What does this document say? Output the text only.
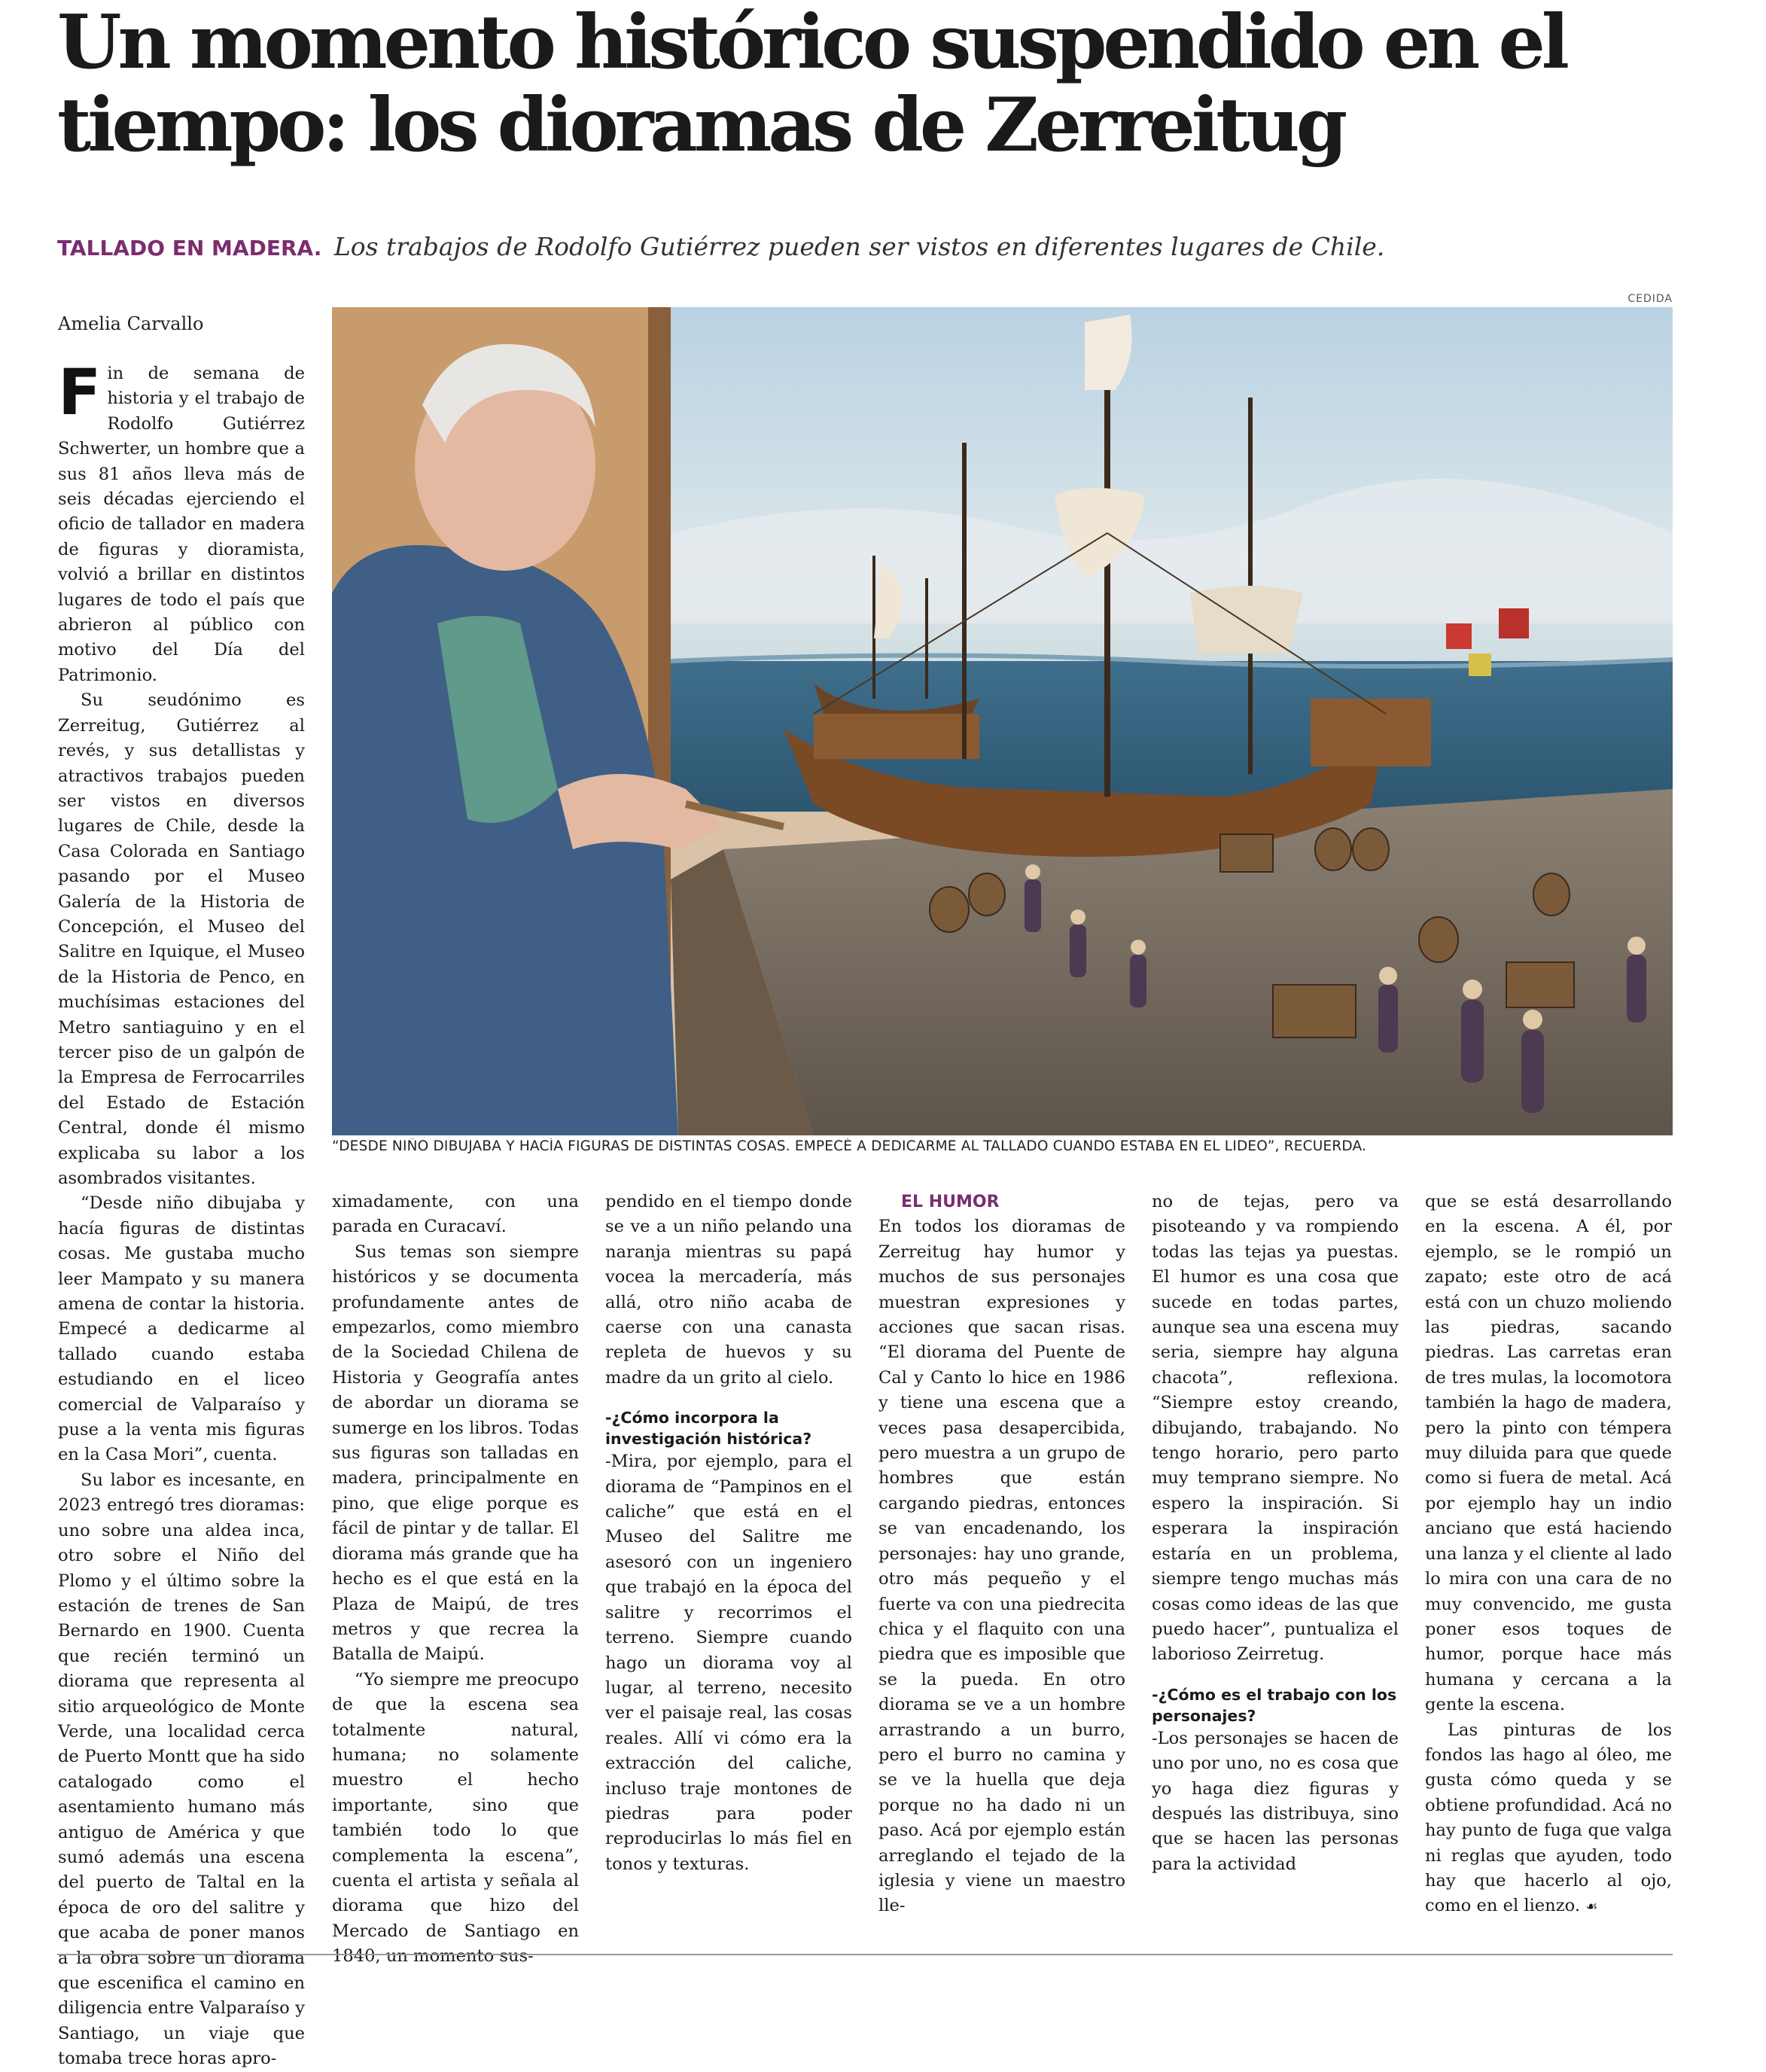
Un momento histórico suspendido en el tiempo: los dioramas de Zerreitug
TALLADO EN MADERA. Los trabajos de Rodolfo Gutiérrez pueden ser vistos en diferentes lugares de Chile.
CEDIDA
Amelia Carvallo
“DESDE NIÑO DIBUJABA Y HACÍA FIGURAS DE DISTINTAS COSAS. EMPECÉ A DEDICARME AL TALLADO CUANDO ESTABA EN EL LIDEO”, RECUERDA.

Fin de semana de historia y el trabajo de Rodolfo Gutiérrez Schwerter, un hombre que a sus 81 años lleva más de seis décadas ejerciendo el oficio de tallador en madera de figuras y dioramista, volvió a brillar en distintos lugares de todo el país que abrieron al público con motivo del Día del Patrimonio.

Su seudónimo es Zerreitug, Gutiérrez al revés, y sus detallistas y atractivos trabajos pueden ser vistos en diversos lugares de Chile, desde la Casa Colorada en Santiago pasando por el Museo Galería de la Historia de Concepción, el Museo del Salitre en Iquique, el Museo de la Historia de Penco, en muchísimas estaciones del Metro santiaguino y en el tercer piso de un galpón de la Empresa de Ferrocarriles del Estado de Estación Central, donde él mismo explicaba su labor a los asombrados visitantes.

“Desde niño dibujaba y hacía figuras de distintas cosas. Me gustaba mucho leer Mampato y su manera amena de contar la historia. Empecé a dedicarme al tallado cuando estaba estudiando en el liceo comercial de Valparaíso y puse a la venta mis figuras en la Casa Mori”, cuenta.

Su labor es incesante, en 2023 entregó tres dioramas: uno sobre una aldea inca, otro sobre el Niño del Plomo y el último sobre la estación de trenes de San Bernardo en 1900. Cuenta que recién terminó un diorama que representa al sitio arqueológico de Monte Verde, una localidad cerca de Puerto Montt que ha sido catalogado como el asentamiento humano más antiguo de América y que sumó además una escena del puerto de Taltal en la época de oro del salitre y que acaba de poner manos a la obra sobre un diorama que escenifica el camino en diligencia entre Valparaíso y Santiago, un viaje que tomaba trece horas apro-

ximadamente, con una parada en Curacaví.

Sus temas son siempre históricos y se documenta profundamente antes de empezarlos, como miembro de la Sociedad Chilena de Historia y Geografía antes de abordar un diorama se sumerge en los libros. Todas sus figuras son talladas en madera, principalmente en pino, que elige porque es fácil de pintar y de tallar. El diorama más grande que ha hecho es el que está en la Plaza de Maipú, de tres metros y que recrea la Batalla de Maipú.

“Yo siempre me preocupo de que la escena sea totalmente natural, humana; no solamente muestro el hecho importante, sino que también todo lo que complementa la escena”, cuenta el artista y señala al diorama que hizo del Mercado de Santiago en 1840, un momento sus-

pendido en el tiempo donde se ve a un niño pelando una naranja mientras su papá vocea la mercadería, más allá, otro niño acaba de caerse con una canasta repleta de huevos y su madre da un grito al cielo.

-¿Cómo incorpora la investigación histórica?

-Mira, por ejemplo, para el diorama de “Pampinos en el caliche” que está en el Museo del Salitre me asesoró con un ingeniero que trabajó en la época del salitre y recorrimos el terreno. Siempre cuando hago un diorama voy al lugar, al terreno, necesito ver el paisaje real, las cosas reales. Allí vi cómo era la extracción del caliche, incluso traje montones de piedras para poder reproducirlas lo más fiel en tonos y texturas.

EL HUMOR

En todos los dioramas de Zerreitug hay humor y muchos de sus personajes muestran expresiones y acciones que sacan risas. “El diorama del Puente de Cal y Canto lo hice en 1986 y tiene una escena que a veces pasa desapercibida, pero muestra a un grupo de hombres que están cargando piedras, entonces se van encadenando, los personajes: hay uno grande, otro más pequeño y el fuerte va con una piedrecita chica y el flaquito con una piedra que es imposible que se la pueda. En otro diorama se ve a un hombre arrastrando a un burro, pero el burro no camina y se ve la huella que deja porque no ha dado ni un paso. Acá por ejemplo están arreglando el tejado de la iglesia y viene un maestro lle-

no de tejas, pero va pisoteando y va rompiendo todas las tejas ya puestas. El humor es una cosa que sucede en todas partes, aunque sea una escena muy seria, siempre hay alguna chacota”, reflexiona. “Siempre estoy creando, dibujando, trabajando. No tengo horario, pero parto muy temprano siempre. No espero la inspiración. Si esperara la inspiración estaría en un problema, siempre tengo muchas más cosas como ideas de las que puedo hacer”, puntualiza el laborioso Zeirretug.

-¿Cómo es el trabajo con los personajes?

-Los personajes se hacen de uno por uno, no es cosa que yo haga diez figuras y después las distribuya, sino que se hacen las personas para la actividad

que se está desarrollando en la escena. A él, por ejemplo, se le rompió un zapato; este otro de acá está con un chuzo moliendo las piedras, sacando piedras. Las carretas eran de tres mulas, la locomotora también la hago de madera, pero la pinto con témpera muy diluida para que quede como si fuera de metal. Acá por ejemplo hay un indio anciano que está haciendo una lanza y el cliente al lado lo mira con una cara de no muy convencido, me gusta poner esos toques de humor, porque hace más humana y cercana a la gente la escena.

Las pinturas de los fondos las hago al óleo, me gusta cómo queda y se obtiene profundidad. Acá no hay punto de fuga que valga ni reglas que ayuden, todo hay que hacerlo al ojo, como en el lienzo. ☙
